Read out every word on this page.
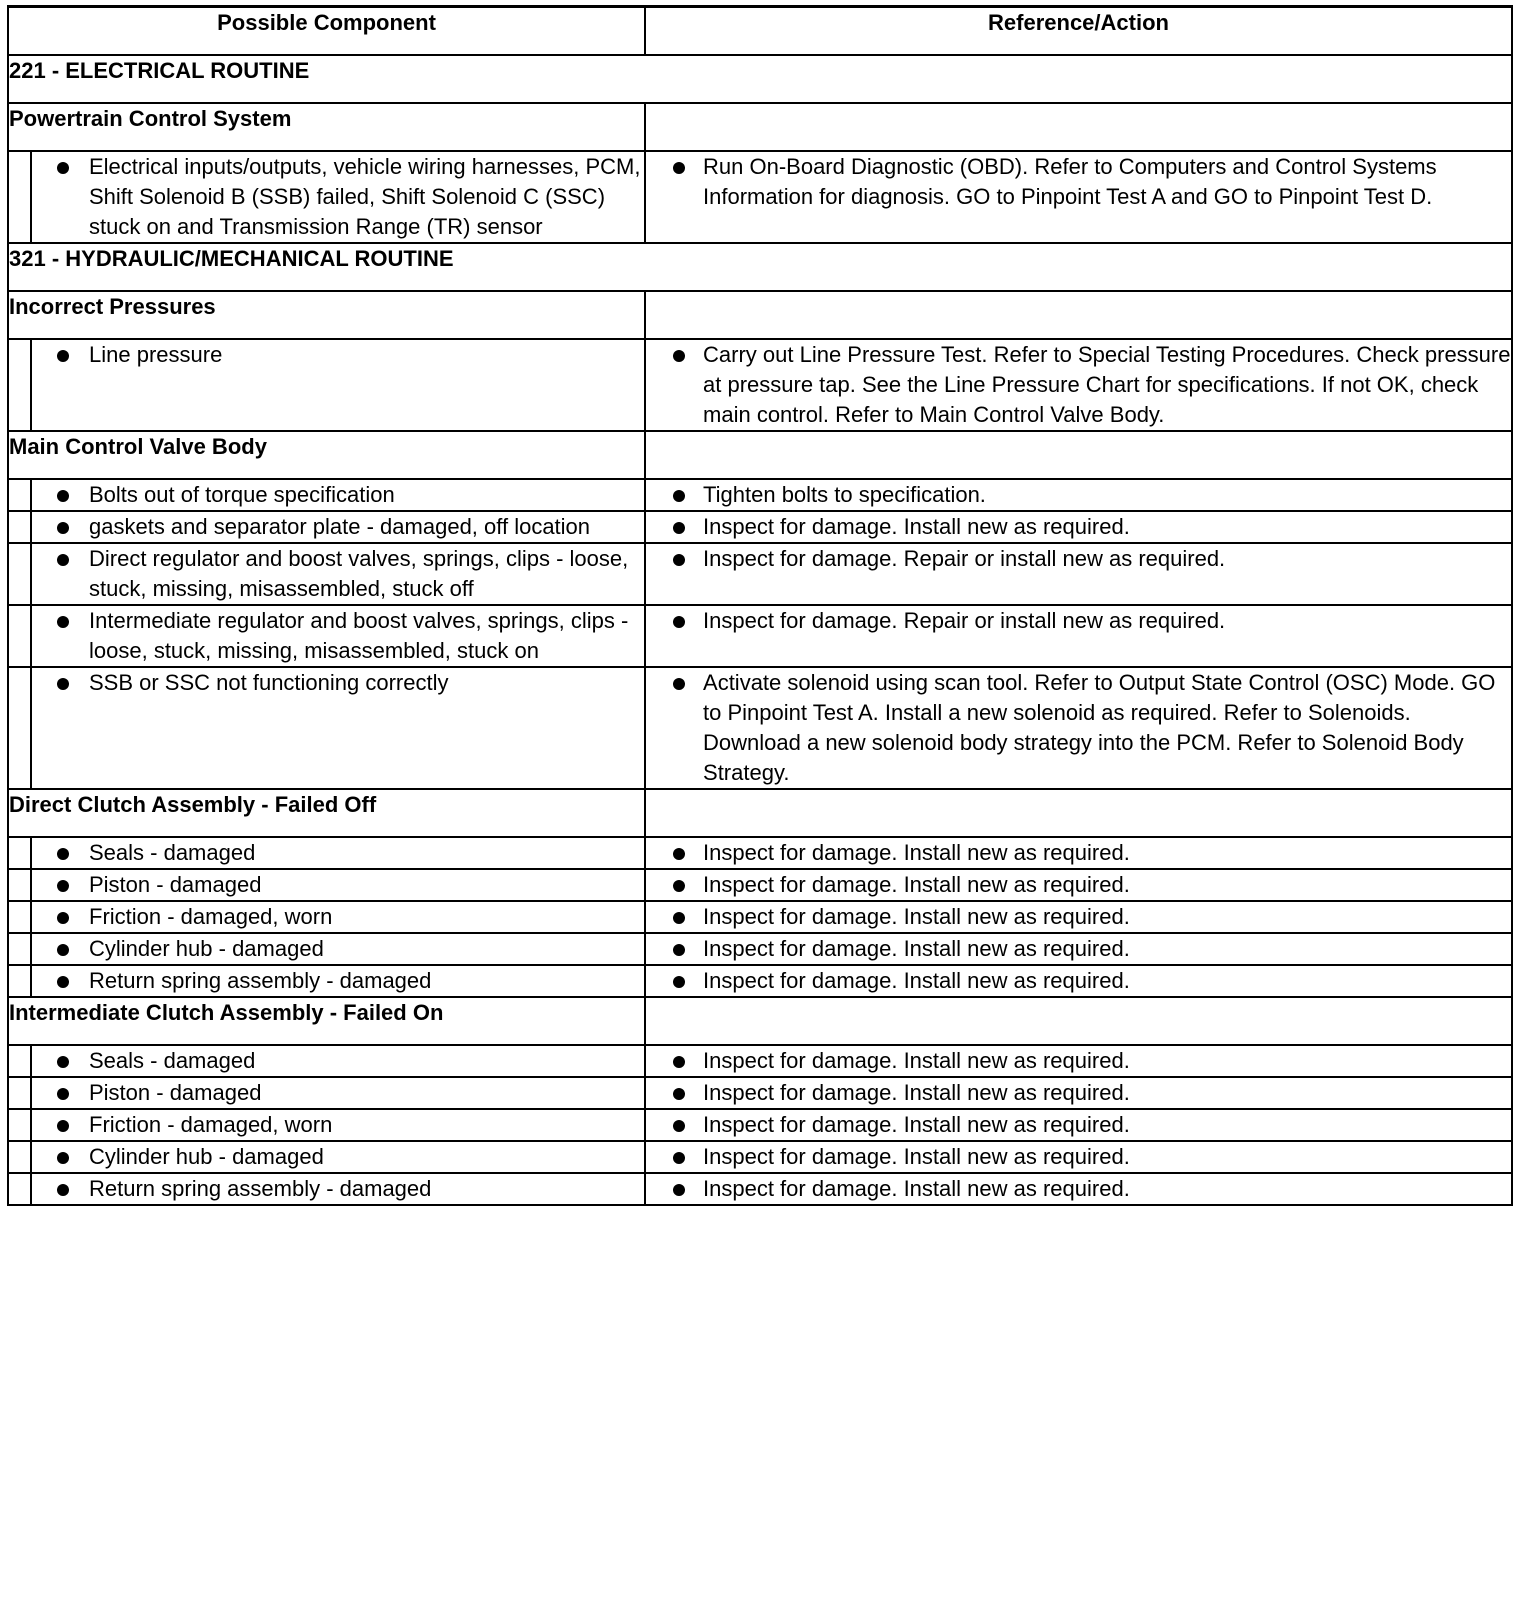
Possible Component		Reference/Action
221 - ELECTRICAL ROUTINE		
Powertrain Control System		

Electrical inputs/outputs, vehicle wiring harnesses, PCM, Shift Solenoid B (SSB) failed, Shift Solenoid C (SSC) stuck on and Transmission Range (TR) sensor	Run On-Board Diagnostic (OBD). Refer to Computers and Control Systems Information for diagnosis. GO to Pinpoint Test A and GO to Pinpoint Test D.

321 - HYDRAULIC/MECHANICAL ROUTINE		
Incorrect Pressures		

Line pressure	Carry out Line Pressure Test. Refer to Special Testing Procedures. Check pressure at pressure tap. See the Line Pressure Chart for specifications. If not OK, check main control. Refer to Main Control Valve Body.

Main Control Valve Body		

Bolts out of torque specification	Tighten bolts to specification.

gaskets and separator plate - damaged, off location	Inspect for damage. Install new as required.

Direct regulator and boost valves, springs, clips - loose, stuck, missing, misassembled, stuck off	Inspect for damage. Repair or install new as required.

Intermediate regulator and boost valves, springs, clips - loose, stuck, missing, misassembled, stuck on	Inspect for damage. Repair or install new as required.

SSB or SSC not functioning correctly	Activate solenoid using scan tool. Refer to Output State Control (OSC) Mode. GO to Pinpoint Test A. Install a new solenoid as required. Refer to Solenoids. Download a new solenoid body strategy into the PCM. Refer to Solenoid Body Strategy.

Direct Clutch Assembly - Failed Off		

Seals - damaged	Inspect for damage. Install new as required.

Piston - damaged	Inspect for damage. Install new as required.

Friction - damaged, worn	Inspect for damage. Install new as required.

Cylinder hub - damaged	Inspect for damage. Install new as required.

Return spring assembly - damaged	Inspect for damage. Install new as required.

Intermediate Clutch Assembly - Failed On		

Seals - damaged	Inspect for damage. Install new as required.

Piston - damaged	Inspect for damage. Install new as required.

Friction - damaged, worn	Inspect for damage. Install new as required.

Cylinder hub - damaged	Inspect for damage. Install new as required.

Return spring assembly - damaged	Inspect for damage. Install new as required.
